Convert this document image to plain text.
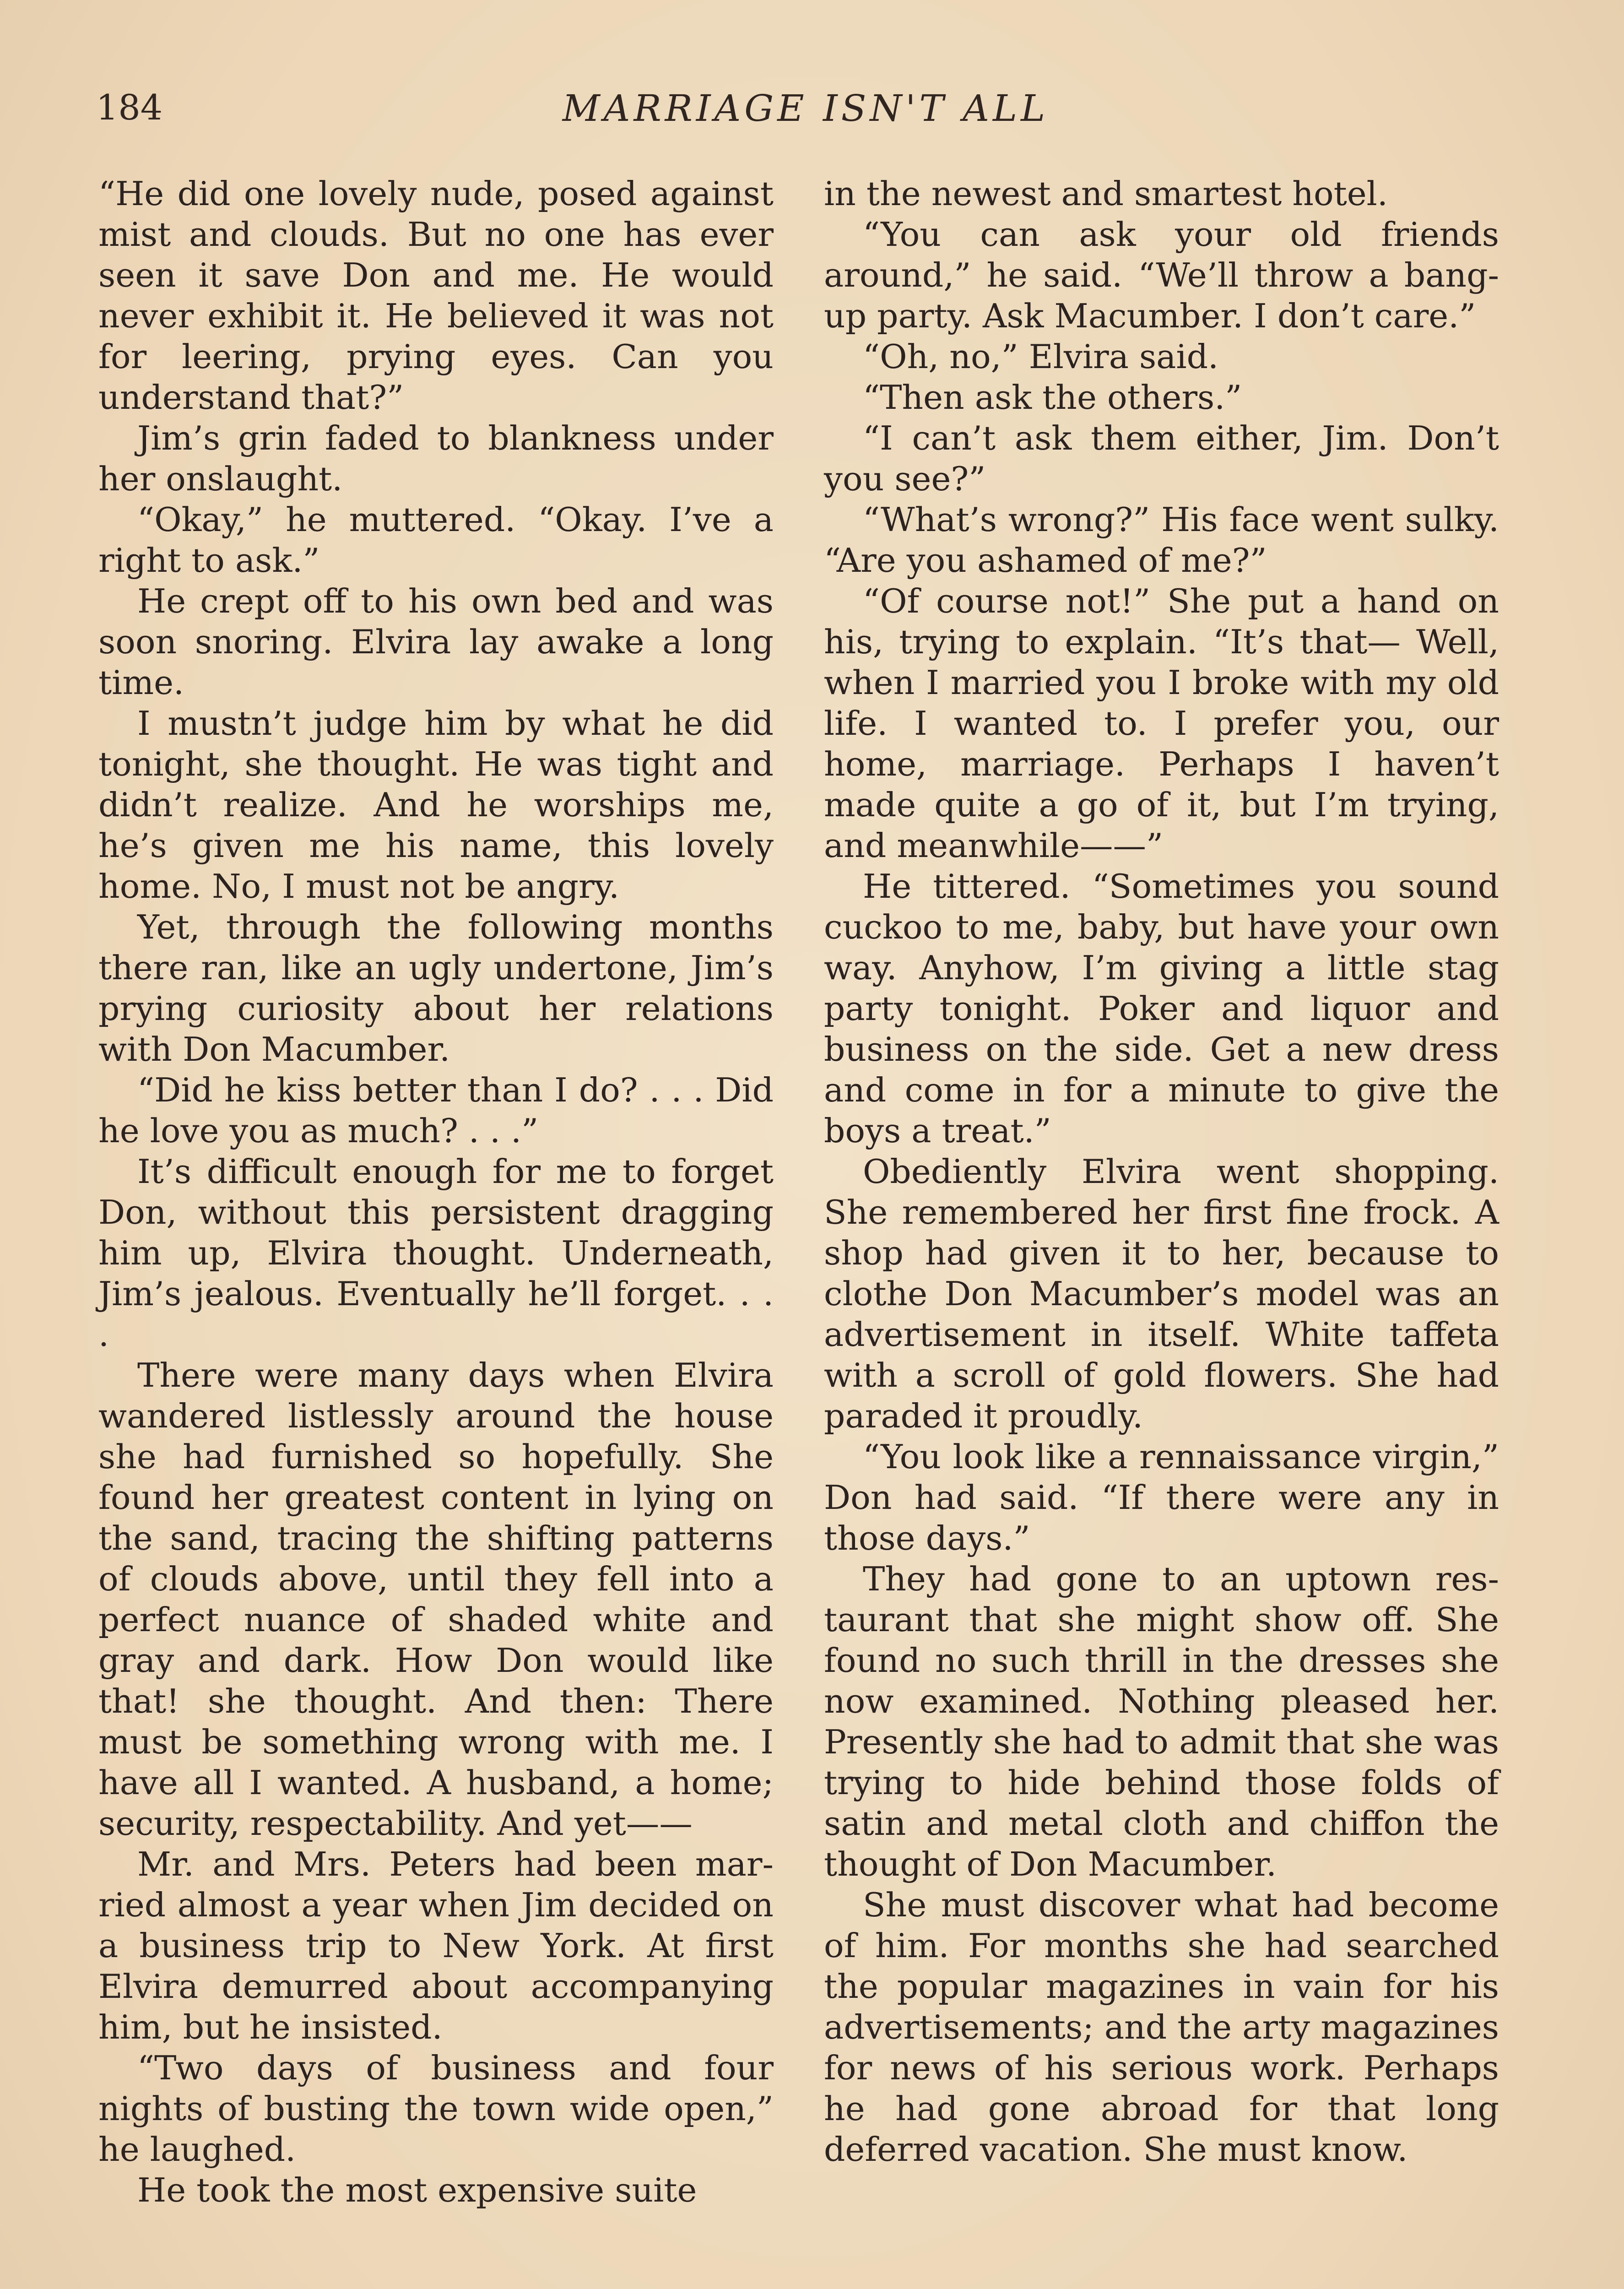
184	MARRIAGE ISN'T ALL

“He did one lovely nude, posed against mist and clouds. But no one has ever seen it save Don and me. He would never exhibit it. He believed it was not for leering, prying eyes. Can you understand that?”

Jim’s grin faded to blankness under her onslaught.

“Okay,” he muttered. “Okay. I’ve a right to ask.”

He crept off to his own bed and was soon snoring. Elvira lay awake a long time.

I mustn’t judge him by what he did tonight, she thought. He was tight and didn’t realize. And he worships me, he’s given me his name, this lovely home. No, I must not be angry.

Yet, through the following months there ran, like an ugly undertone, Jim’s prying curiosity about her relations with Don Macumber.

“Did he kiss better than I do? . . . Did he love you as much? . . .”

It’s difficult enough for me to forget Don, without this persistent dragging him up, Elvira thought. Underneath, Jim’s jealous. Eventually he’ll forget. . . .

There were many days when Elvira wandered listlessly around the house she had furnished so hopefully. She found her greatest content in lying on the sand, tracing the shifting patterns of clouds above, until they fell into a perfect nuance of shaded white and gray and dark. How Don would like that! she thought. And then: There must be something wrong with me. I have all I wanted. A husband, a home; security, respectability. And yet——

Mr. and Mrs. Peters had been married almost a year when Jim decided on a business trip to New York. At first Elvira demurred about accompanying him, but he insisted.

“Two days of business and four nights of busting the town wide open,” he laughed.

He took the most expensive suite

in the newest and smartest hotel.

“You can ask your old friends around,” he said. “We’ll throw a bang-up party. Ask Macumber. I don’t care.”

“Oh, no,” Elvira said.

“Then ask the others.”

“I can’t ask them either, Jim. Don’t you see?”

“What’s wrong?” His face went sulky. “Are you ashamed of me?”

“Of course not!” She put a hand on his, trying to explain. “It’s that— Well, when I married you I broke with my old life. I wanted to. I prefer you, our home, marriage. Perhaps I haven’t made quite a go of it, but I’m trying, and meanwhile——”

He tittered. “Sometimes you sound cuckoo to me, baby, but have your own way. Anyhow, I’m giving a little stag party tonight. Poker and liquor and business on the side. Get a new dress and come in for a minute to give the boys a treat.”

Obediently Elvira went shopping. She remembered her first fine frock. A shop had given it to her, because to clothe Don Macumber’s model was an advertisement in itself. White taffeta with a scroll of gold flowers. She had paraded it proudly.

“You look like a rennaissance virgin,” Don had said. “If there were any in those days.”

They had gone to an uptown restaurant that she might show off. She found no such thrill in the dresses she now examined. Nothing pleased her. Presently she had to admit that she was trying to hide behind those folds of satin and metal cloth and chiffon the thought of Don Macumber.

She must discover what had become of him. For months she had searched the popular magazines in vain for his advertisements; and the arty magazines for news of his serious work. Perhaps he had gone abroad for that long deferred vacation. She must know.
